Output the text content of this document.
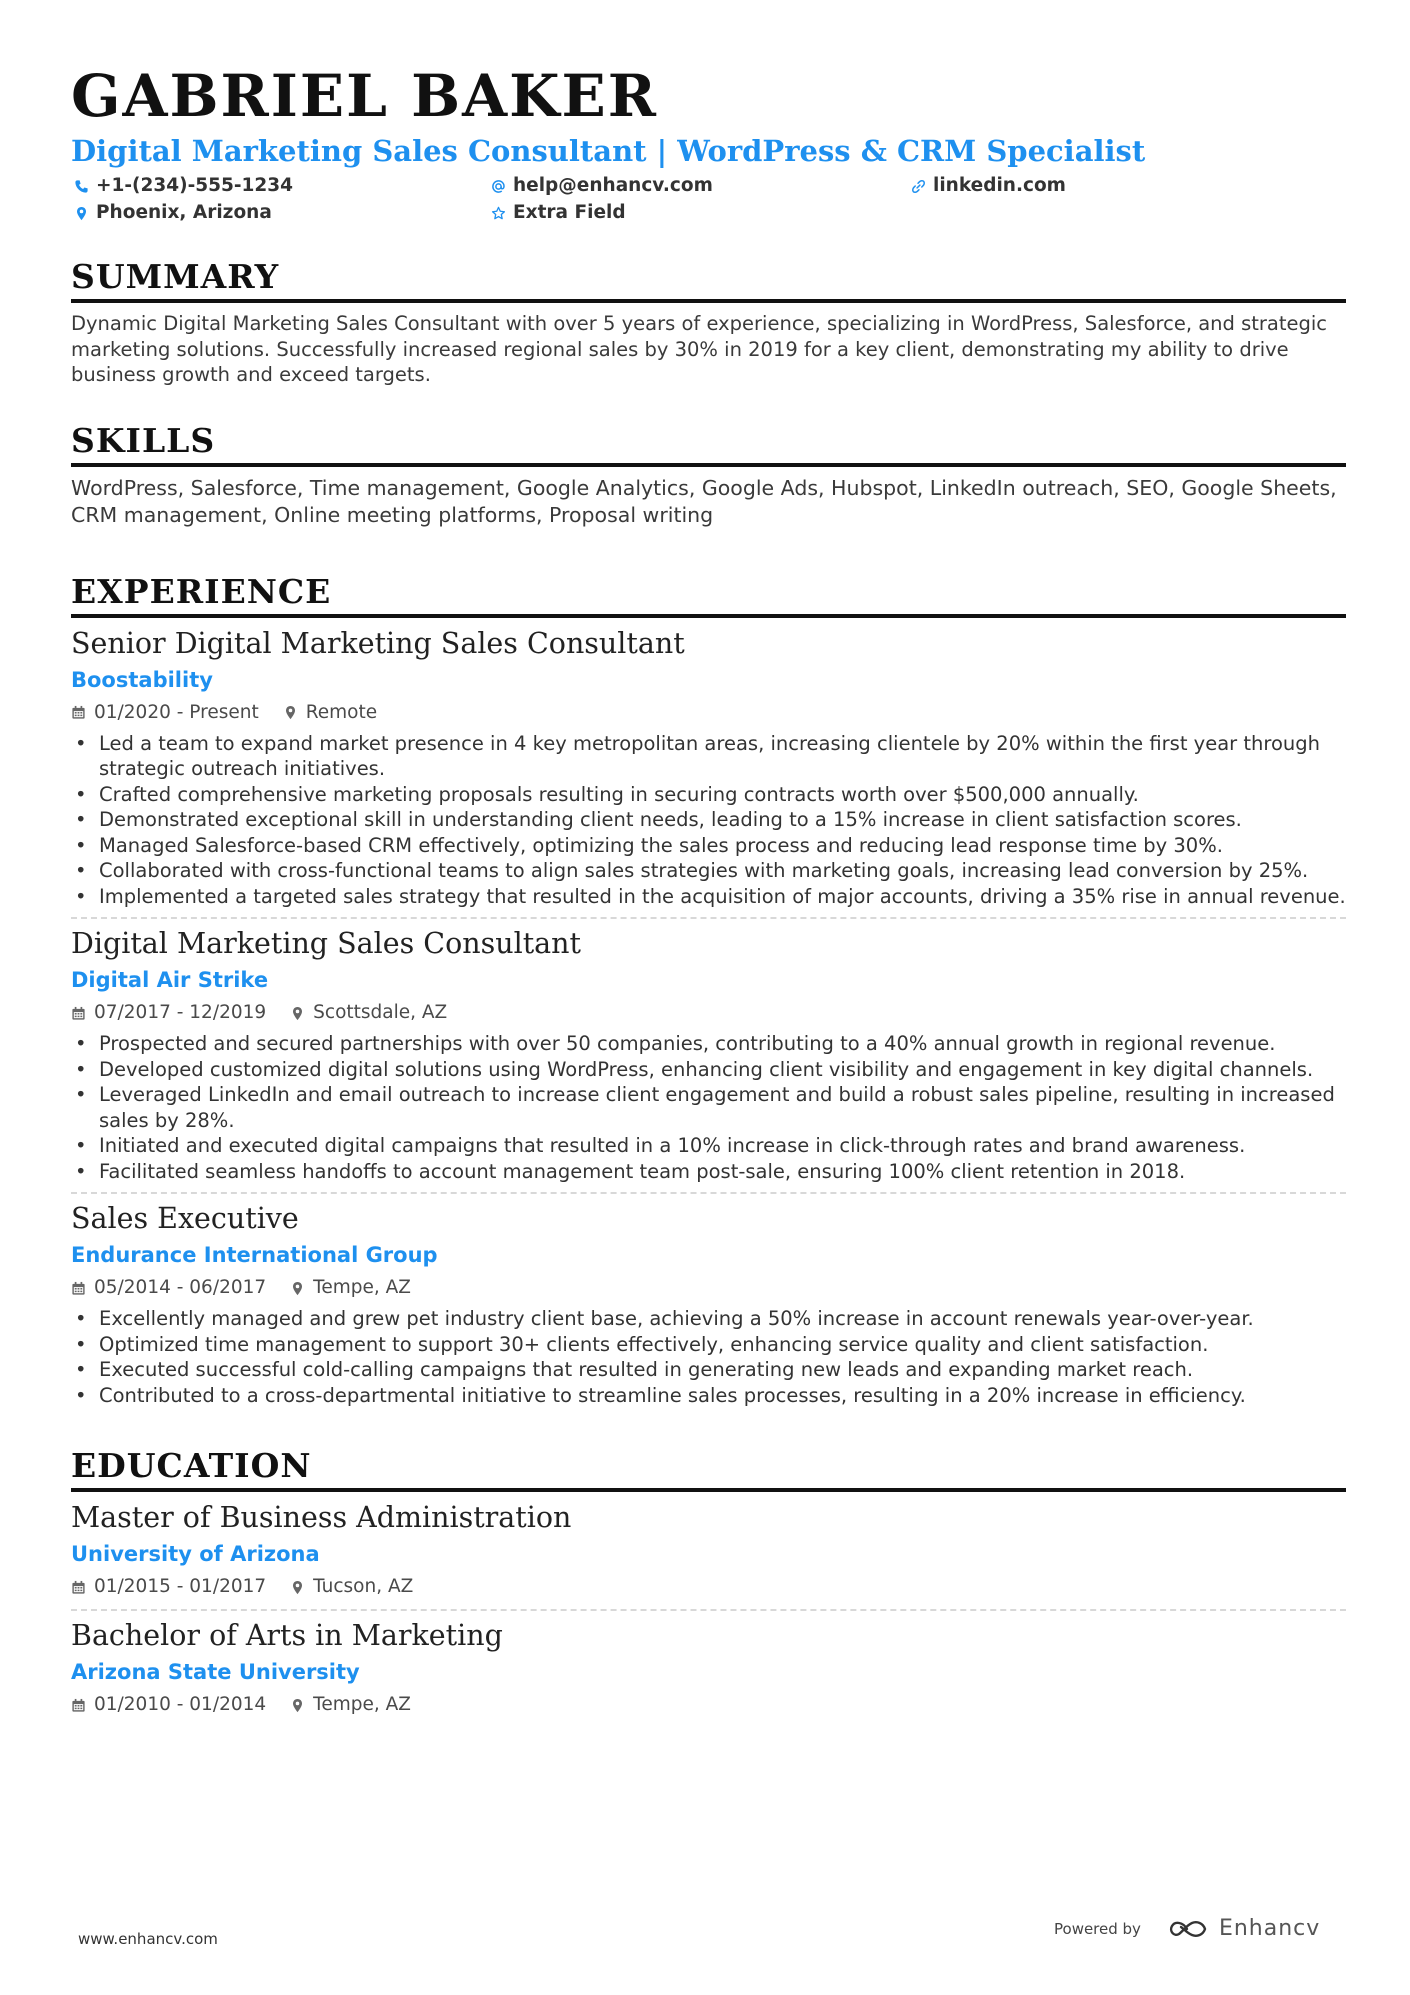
GABRIEL BAKER
Digital Marketing Sales Consultant | WordPress & CRM Specialist
+1-(234)-555-1234	help@enhancv.com	linkedin.com
Phoenix, Arizona	Extra Field
SUMMARY
Dynamic Digital Marketing Sales Consultant with over 5 years of experience, specializing in WordPress, Salesforce, and strategic marketing solutions. Successfully increased regional sales by 30% in 2019 for a key client, demonstrating my ability to drive business growth and exceed targets.
SKILLS
WordPress, Salesforce, Time management, Google Analytics, Google Ads, Hubspot, LinkedIn outreach, SEO, Google Sheets, CRM management, Online meeting platforms, Proposal writing
EXPERIENCE
Senior Digital Marketing Sales Consultant
Boostability
01/2020 - Present	Remote
• Led a team to expand market presence in 4 key metropolitan areas, increasing clientele by 20% within the first year through strategic outreach initiatives.
• Crafted comprehensive marketing proposals resulting in securing contracts worth over $500,000 annually.
• Demonstrated exceptional skill in understanding client needs, leading to a 15% increase in client satisfaction scores.
• Managed Salesforce-based CRM effectively, optimizing the sales process and reducing lead response time by 30%.
• Collaborated with cross-functional teams to align sales strategies with marketing goals, increasing lead conversion by 25%.
• Implemented a targeted sales strategy that resulted in the acquisition of major accounts, driving a 35% rise in annual revenue.
Digital Marketing Sales Consultant
Digital Air Strike
07/2017 - 12/2019	Scottsdale, AZ
• Prospected and secured partnerships with over 50 companies, contributing to a 40% annual growth in regional revenue.
• Developed customized digital solutions using WordPress, enhancing client visibility and engagement in key digital channels.
• Leveraged LinkedIn and email outreach to increase client engagement and build a robust sales pipeline, resulting in increased sales by 28%.
• Initiated and executed digital campaigns that resulted in a 10% increase in click-through rates and brand awareness.
• Facilitated seamless handoffs to account management team post-sale, ensuring 100% client retention in 2018.
Sales Executive
Endurance International Group
05/2014 - 06/2017	Tempe, AZ
• Excellently managed and grew pet industry client base, achieving a 50% increase in account renewals year-over-year.
• Optimized time management to support 30+ clients effectively, enhancing service quality and client satisfaction.
• Executed successful cold-calling campaigns that resulted in generating new leads and expanding market reach.
• Contributed to a cross-departmental initiative to streamline sales processes, resulting in a 20% increase in efficiency.
EDUCATION
Master of Business Administration
University of Arizona
01/2015 - 01/2017	Tucson, AZ
Bachelor of Arts in Marketing
Arizona State University
01/2010 - 01/2014	Tempe, AZ
www.enhancv.com
Powered by	Enhancv
